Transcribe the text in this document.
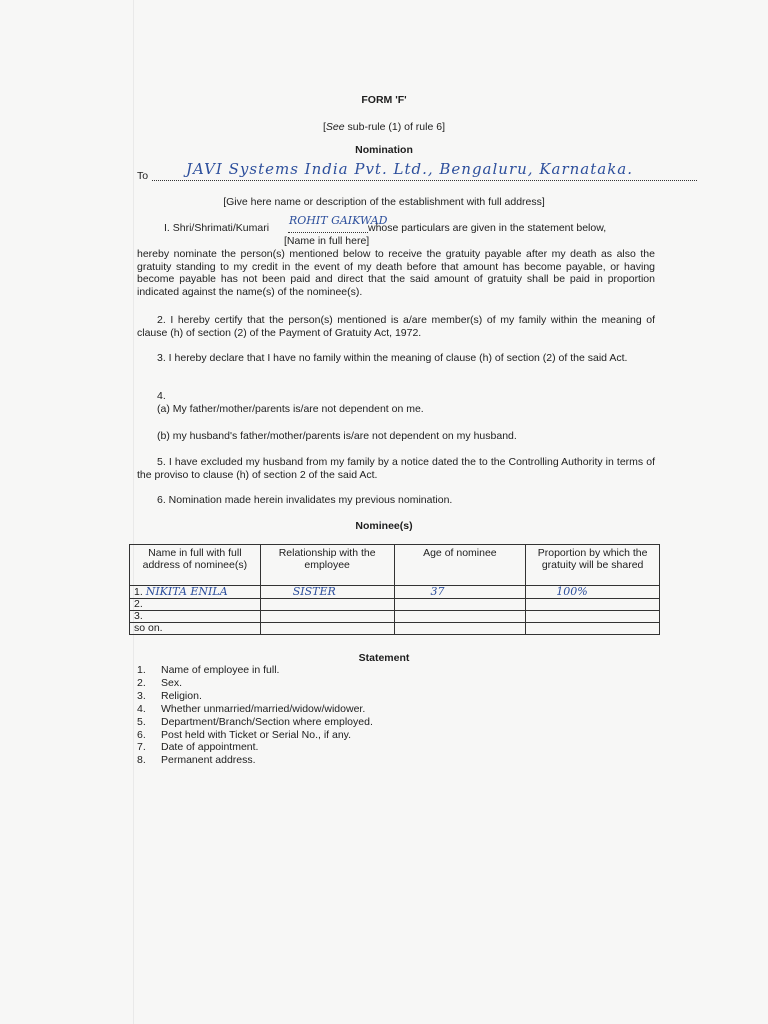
FORM 'F'
[See sub-rule (1) of rule 6]
Nomination
To	JAVI Systems India Pvt. Ltd., Bengaluru, Karnataka.
[Give here name or description of the establishment with full address]
I. Shri/Shrimati/Kumari
ROHIT GAIKWAD
whose particulars are given in the statement below,
[Name in full here]
hereby nominate the person(s) mentioned below to receive the gratuity payable after my death as also the gratuity standing to my credit in the event of my death before that amount has become payable, or having become payable has not been paid and direct that the said amount of gratuity shall be paid in proportion indicated against the name(s) of the nominee(s).
2. I hereby certify that the person(s) mentioned is a/are member(s) of my family within the meaning of clause (h) of section (2) of the Payment of Gratuity Act, 1972.
3. I hereby declare that I have no family within the meaning of clause (h) of section (2) of the said Act.
4.
(a) My father/mother/parents is/are not dependent on me.
(b) my husband's father/mother/parents is/are not dependent on my husband.
5. I have excluded my husband from my family by a notice dated the to the Controlling Authority in terms of the proviso to clause (h) of section 2 of the said Act.
6. Nomination made herein invalidates my previous nomination.
Nominee(s)
Name in full with full address of nominee(s)	Relationship with the employee	Age of nominee	Proportion by which the gratuity will be shared
1. NIKITA ENILA	SISTER	37	100%
2.			
3.			
so on.			
Statement
1. Name of employee in full.
2. Sex.
3. Religion.
4. Whether unmarried/married/widow/widower.
5. Department/Branch/Section where employed.
6. Post held with Ticket or Serial No., if any.
7. Date of appointment.
8. Permanent address.
